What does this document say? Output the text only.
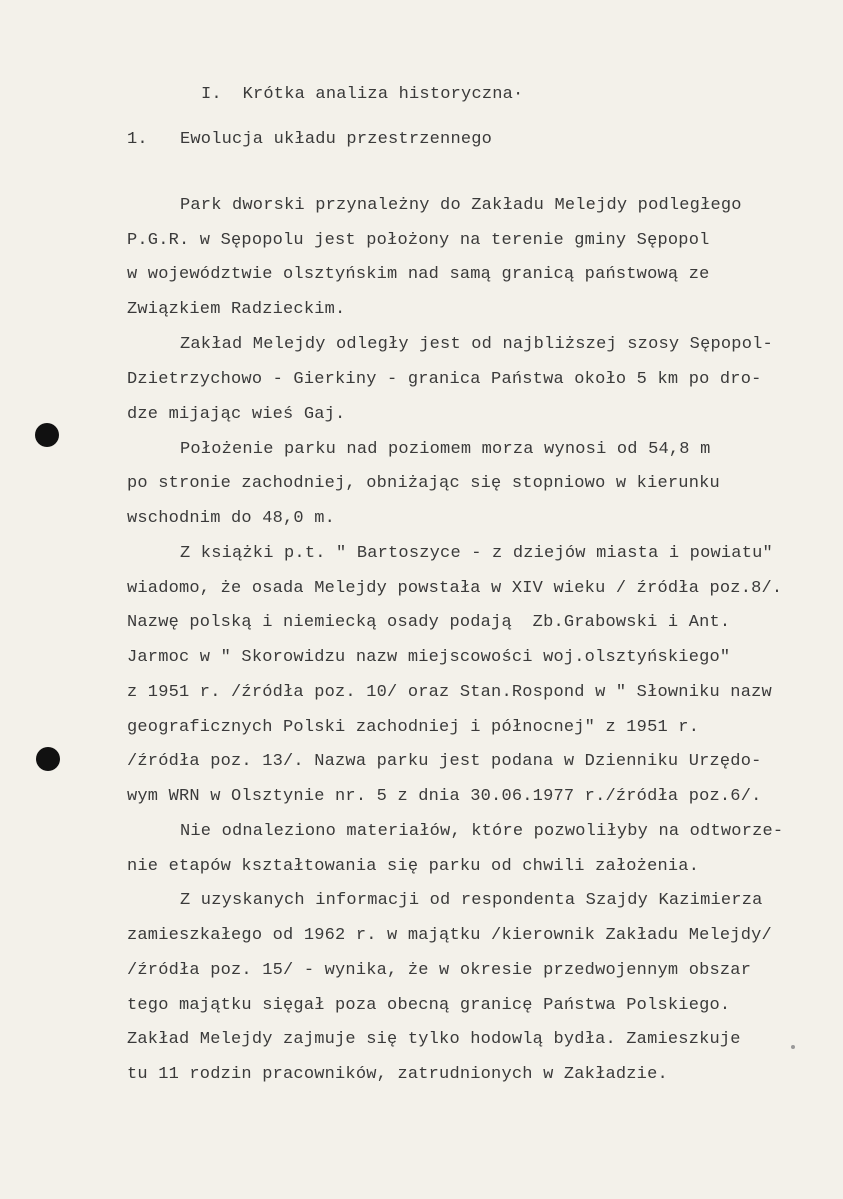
I.  Krótka analiza historyczna·
1. Ewolucja układu przestrzennego
Park dworski przynależny do Zakładu Melejdy podległego
P.G.R. w Sępopolu jest położony na terenie gminy Sępopol
w województwie olsztyńskim nad samą granicą państwową ze
Związkiem Radzieckim.
Zakład Melejdy odległy jest od najbliższej szosy Sępopol-
Dzietrzychowo - Gierkiny - granica Państwa około 5 km po dro-
dze mijając wieś Gaj.
Położenie parku nad poziomem morza wynosi od 54,8 m
po stronie zachodniej, obniżając się stopniowo w kierunku
wschodnim do 48,0 m.
Z książki p.t. " Bartoszyce - z dziejów miasta i powiatu"
wiadomo, że osada Melejdy powstała w XIV wieku / źródła poz.8/.
Nazwę polską i niemiecką osady podają  Zb.Grabowski i Ant.
Jarmoc w " Skorowidzu nazw miejscowości woj.olsztyńskiego"
z 1951 r. /źródła poz. 10/ oraz Stan.Rospond w " Słowniku nazw
geograficznych Polski zachodniej i północnej" z 1951 r.
/źródła poz. 13/. Nazwa parku jest podana w Dzienniku Urzędo-
wym WRN w Olsztynie nr. 5 z dnia 30.06.1977 r./źródła poz.6/.
Nie odnaleziono materiałów, które pozwoliłyby na odtworze-
nie etapów kształtowania się parku od chwili założenia.
Z uzyskanych informacji od respondenta Szajdy Kazimierza
zamieszkałego od 1962 r. w majątku /kierownik Zakładu Melejdy/
/źródła poz. 15/ - wynika, że w okresie przedwojennym obszar
tego majątku sięgał poza obecną granicę Państwa Polskiego.
Zakład Melejdy zajmuje się tylko hodowlą bydła. Zamieszkuje
tu 11 rodzin pracowników, zatrudnionych w Zakładzie.
